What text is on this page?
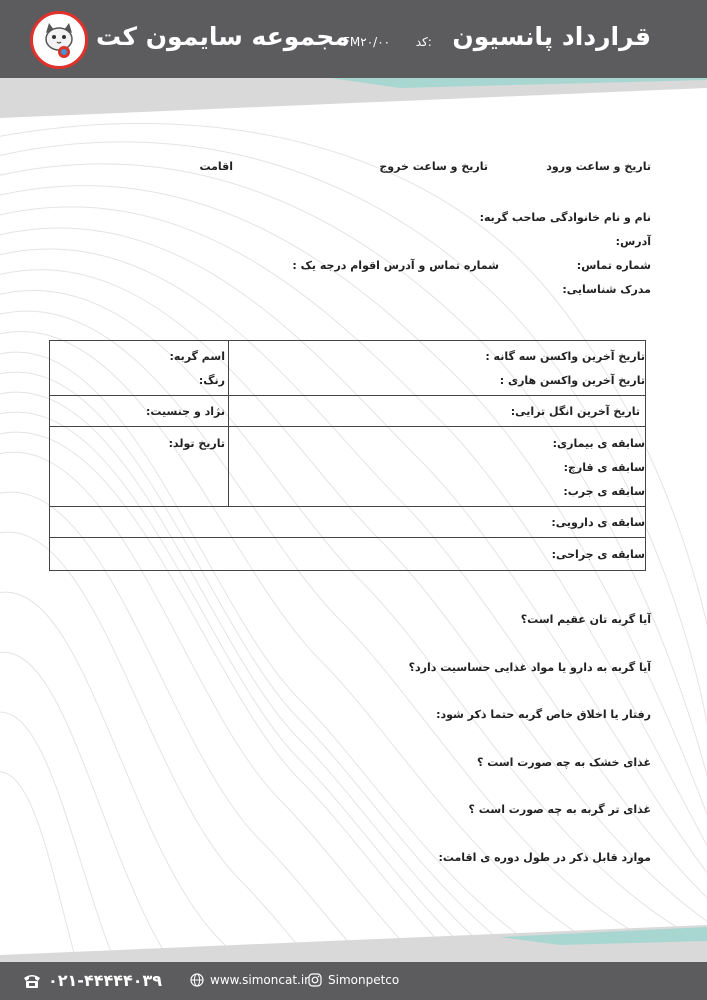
مجموعه سایمون کت
FM۲۰/۰۰ کد: قرارداد پانسیون
تاریخ و ساعت ورود
تاریخ و ساعت خروج
اقامت
نام و نام خانوادگی صاحب گربه:
آدرس:
شماره تماس:
شماره تماس و آدرس اقوام درجه یک :
مدرک شناسایی:
تاریخ آخرین واکسن سه گانه :
تاریخ آخرین واکسن هاری :
اسم گربه:
رنگ:
تاریخ آخرین انگل ترایی:
نژاد و جنسیت:
سابقه ی بیماری:
سابقه ی قارچ:
سابقه ی جرب:
تاریخ تولد:
سابقه ی دارویی:
سابقه ی جراحی:
آیا گربه تان عقیم است؟
آیا گربه به دارو یا مواد غذایی حساسیت دارد؟
رفتار یا اخلاق خاص گربه حتما ذکر شود:
غذای خشک به چه صورت است ؟
غذای تر گربه به چه صورت است ؟
موارد قابل ذکر در طول دوره ی اقامت:
۰۲۱-۴۴۴۴۴۰۳۹	www.simoncat.ir Simonpetco
